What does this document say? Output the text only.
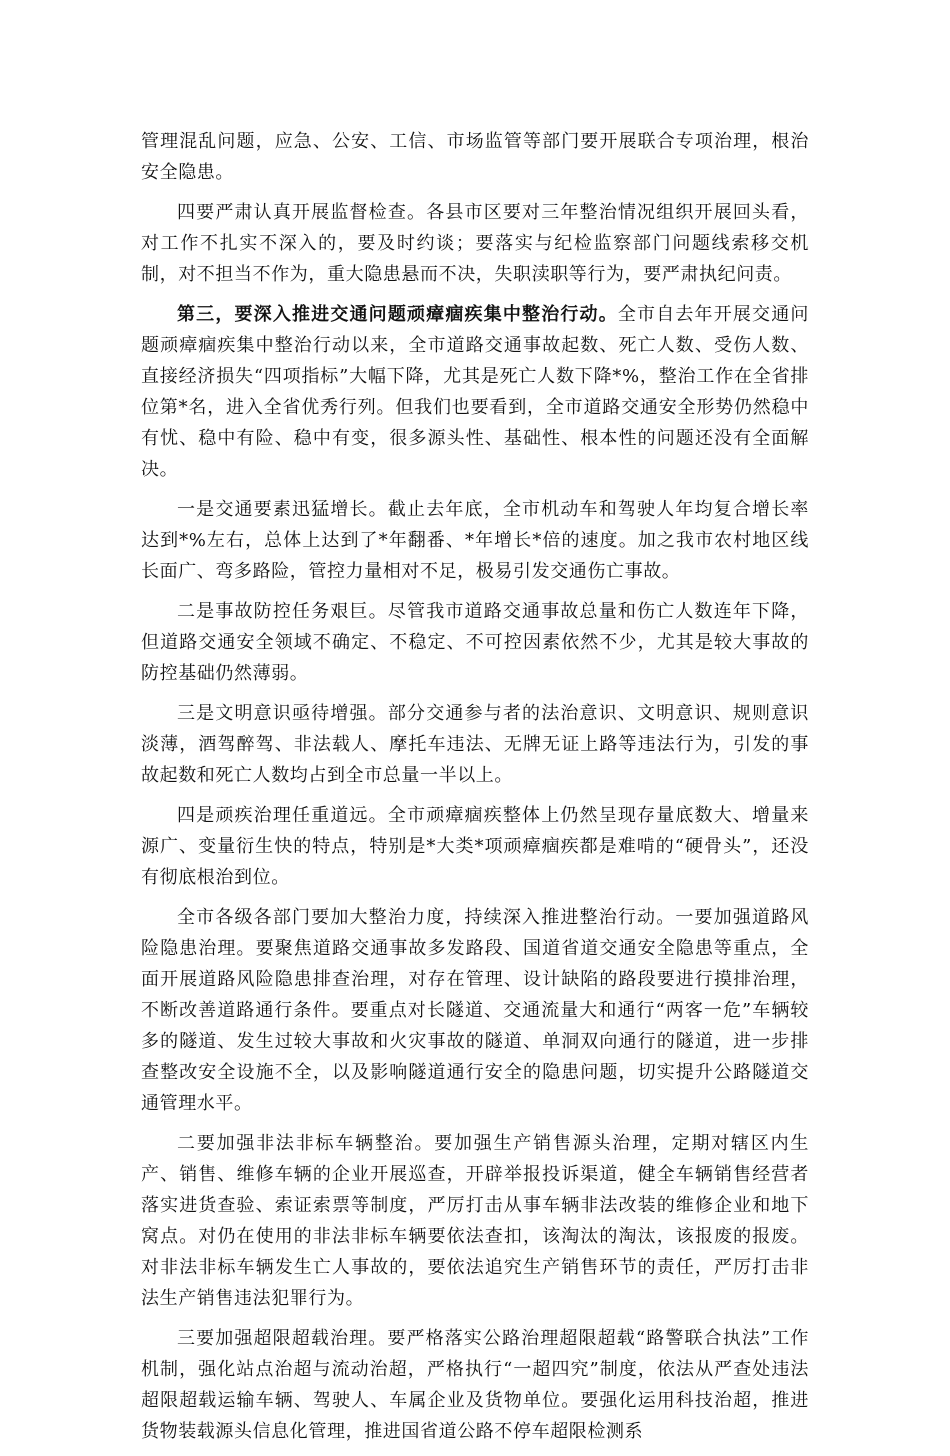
管理混乱问题，应急、公安、工信、市场监管等部门要开展联合专项治理，根治安全隐患。

四要严肃认真开展监督检查。各县市区要对三年整治情况组织开展回头看，对工作不扎实不深入的，要及时约谈；要落实与纪检监察部门问题线索移交机制，对不担当不作为，重大隐患悬而不决，失职渎职等行为，要严肃执纪问责。

第三，要深入推进交通问题顽瘴痼疾集中整治行动。全市自去年开展交通问题顽瘴痼疾集中整治行动以来，全市道路交通事故起数、死亡人数、受伤人数、直接经济损失“四项指标”大幅下降，尤其是死亡人数下降*%，整治工作在全省排位第*名，进入全省优秀行列。但我们也要看到，全市道路交通安全形势仍然稳中有忧、稳中有险、稳中有变，很多源头性、基础性、根本性的问题还没有全面解决。

一是交通要素迅猛增长。截止去年底，全市机动车和驾驶人年均复合增长率达到*%左右，总体上达到了*年翻番、*年增长*倍的速度。加之我市农村地区线长面广、弯多路险，管控力量相对不足，极易引发交通伤亡事故。

二是事故防控任务艰巨。尽管我市道路交通事故总量和伤亡人数连年下降，但道路交通安全领域不确定、不稳定、不可控因素依然不少，尤其是较大事故的防控基础仍然薄弱。

三是文明意识亟待增强。部分交通参与者的法治意识、文明意识、规则意识淡薄，酒驾醉驾、非法载人、摩托车违法、无牌无证上路等违法行为，引发的事故起数和死亡人数均占到全市总量一半以上。

四是顽疾治理任重道远。全市顽瘴痼疾整体上仍然呈现存量底数大、增量来源广、变量衍生快的特点，特别是*大类*项顽瘴痼疾都是难啃的“硬骨头”，还没有彻底根治到位。

全市各级各部门要加大整治力度，持续深入推进整治行动。一要加强道路风险隐患治理。要聚焦道路交通事故多发路段、国道省道交通安全隐患等重点，全面开展道路风险隐患排查治理，对存在管理、设计缺陷的路段要进行摸排治理，不断改善道路通行条件。要重点对长隧道、交通流量大和通行“两客一危”车辆较多的隧道、发生过较大事故和火灾事故的隧道、单洞双向通行的隧道，进一步排查整改安全设施不全，以及影响隧道通行安全的隐患问题，切实提升公路隧道交通管理水平。

二要加强非法非标车辆整治。要加强生产销售源头治理，定期对辖区内生产、销售、维修车辆的企业开展巡查，开辟举报投诉渠道，健全车辆销售经营者落实进货查验、索证索票等制度，严厉打击从事车辆非法改装的维修企业和地下窝点。对仍在使用的非法非标车辆要依法查扣，该淘汰的淘汰，该报废的报废。对非法非标车辆发生亡人事故的，要依法追究生产销售环节的责任，严厉打击非法生产销售违法犯罪行为。

三要加强超限超载治理。要严格落实公路治理超限超载“路警联合执法”工作机制，强化站点治超与流动治超，严格执行“一超四究”制度，依法从严查处违法超限超载运输车辆、驾驶人、车属企业及货物单位。要强化运用科技治超，推进货物装载源头信息化管理，推进国省道公路不停车超限检测系
